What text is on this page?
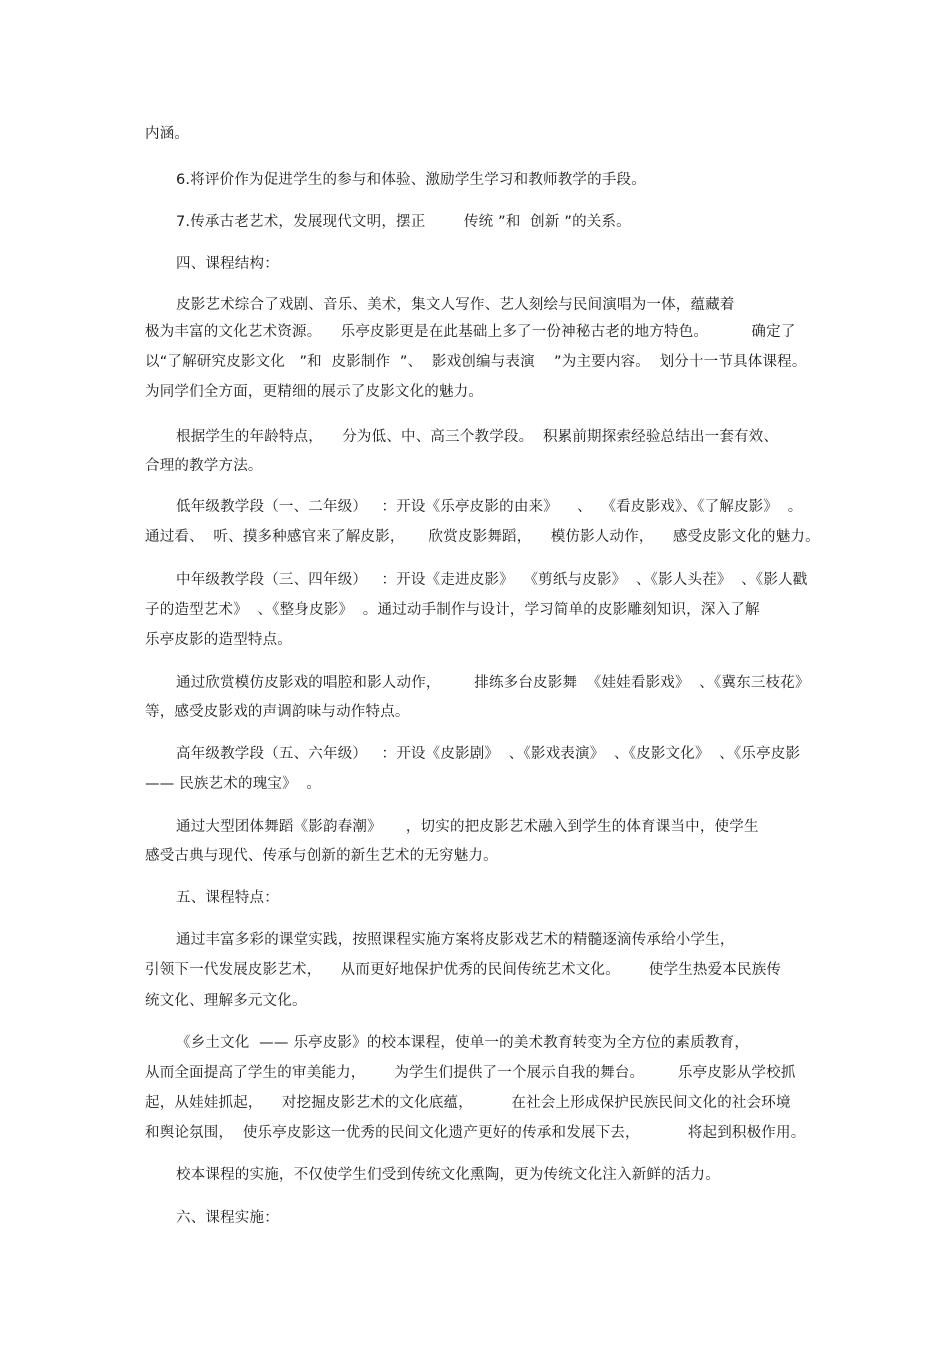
内涵。
6.将评价作为促进学生的参与和体验、激励学生学习和教师教学的手段。
7.传承古老艺术，发展现代文明，摆正        传统 ”和  创新 ”的关系。
四、课程结构：
皮影艺术综合了戏剧、音乐、美术，集文人写作、艺人刻绘与民间演唱为一体，蕴藏着
极为丰富的文化艺术资源。    乐亭皮影更是在此基础上多了一份神秘古老的地方特色。         确定了
以“了解研究皮影文化   ”和  皮影制作  ”、  影戏创编与表演    ”为主要内容。  划分十一节具体课程。
为同学们全方面，更精细的展示了皮影文化的魅力。
根据学生的年龄特点，    分为低、中、高三个教学段。  积累前期探索经验总结出一套有效、
合理的教学方法。
低年级教学段（一、二年级）   ：开设《乐亭皮影的由来》    、  《看皮影戏》、《了解皮影》  。
通过看、  听、摸多种感官来了解皮影，     欣赏皮影舞蹈，    模仿影人动作，    感受皮影文化的魅力。
中年级教学段（三、四年级）   ：开设《走进皮影》  《剪纸与皮影》  、《影人头茬》  、《影人戳
子的造型艺术》  、《整身皮影》  。通过动手制作与设计，学习简单的皮影雕刻知识，深入了解
乐亭皮影的造型特点。
通过欣赏模仿皮影戏的唱腔和影人动作，       排练多台皮影舞  《娃娃看影戏》  、《冀东三枝花》
等，感受皮影戏的声调韵味与动作特点。
高年级教学段（五、六年级）   ：开设《皮影剧》  、《影戏表演》  、《皮影文化》  、《乐亭皮影
—— 民族艺术的瑰宝》  。
通过大型团体舞蹈《影韵春潮》     ，切实的把皮影艺术融入到学生的体育课当中，使学生
感受古典与现代、传承与创新的新生艺术的无穷魅力。
五、课程特点：
通过丰富多彩的课堂实践，按照课程实施方案将皮影戏艺术的精髓逐滴传承给小学生，
引领下一代发展皮影艺术，    从而更好地保护优秀的民间传统艺术文化。      使学生热爱本民族传
统文化、理解多元文化。
《乡土文化  —— 乐亭皮影》的校本课程，使单一的美术教育转变为全方位的素质教育，
从而全面提高了学生的审美能力，      为学生们提供了一个展示自我的舞台。       乐亭皮影从学校抓
起，从娃娃抓起，    对挖掘皮影艺术的文化底蕴，        在社会上形成保护民族民间文化的社会环境
和舆论氛围，  使乐亭皮影这一优秀的民间文化遗产更好的传承和发展下去，          将起到积极作用。
校本课程的实施，不仅使学生们受到传统文化熏陶，更为传统文化注入新鲜的活力。
六、课程实施：
